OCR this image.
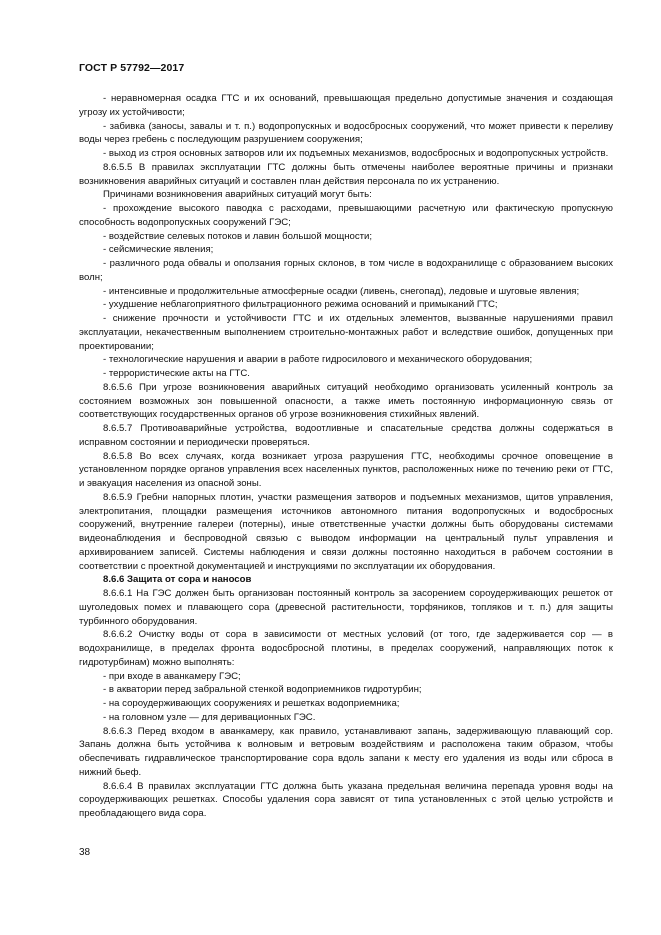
ГОСТ Р 57792—2017

- неравномерная осадка ГТС и их оснований, превышающая предельно допустимые значения и создающая угрозу их устойчивости;

- забивка (заносы, завалы и т. п.) водопропускных и водосбросных сооружений, что может привести к переливу воды через гребень с последующим разрушением сооружения;

- выход из строя основных затворов или их подъемных механизмов, водосбросных и водопропускных устройств.

8.6.5.5 В правилах эксплуатации ГТС должны быть отмечены наиболее вероятные причины и признаки возникновения аварийных ситуаций и составлен план действия персонала по их устранению.

Причинами возникновения аварийных ситуаций могут быть:

- прохождение высокого паводка с расходами, превышающими расчетную или фактическую пропускную способность водопропускных сооружений ГЭС;

- воздействие селевых потоков и лавин большой мощности;

- сейсмические явления;

- различного рода обвалы и оползания горных склонов, в том числе в водохранилище с образованием высоких волн;

- интенсивные и продолжительные атмосферные осадки (ливень, снегопад), ледовые и шуговые явления;

- ухудшение неблагоприятного фильтрационного режима оснований и примыканий ГТС;

- снижение прочности и устойчивости ГТС и их отдельных элементов, вызванные нарушениями правил эксплуатации, некачественным выполнением строительно-монтажных работ и вследствие ошибок, допущенных при проектировании;

- технологические нарушения и аварии в работе гидросилового и механического оборудования;

- террористические акты на ГТС.

8.6.5.6 При угрозе возникновения аварийных ситуаций необходимо организовать усиленный контроль за состоянием возможных зон повышенной опасности, а также иметь постоянную информационную связь от соответствующих государственных органов об угрозе возникновения стихийных явлений.

8.6.5.7 Противоаварийные устройства, водоотливные и спасательные средства должны содержаться в исправном состоянии и периодически проверяться.

8.6.5.8 Во всех случаях, когда возникает угроза разрушения ГТС, необходимы срочное оповещение в установленном порядке органов управления всех населенных пунктов, расположенных ниже по течению реки от ГТС, и эвакуация населения из опасной зоны.

8.6.5.9 Гребни напорных плотин, участки размещения затворов и подъемных механизмов, щитов управления, электропитания, площадки размещения источников автономного питания водопропускных и водосбросных сооружений, внутренние галереи (потерны), иные ответственные участки должны быть оборудованы системами видеонаблюдения и беспроводной связью с выводом информации на центральный пульт управления и архивированием записей. Системы наблюдения и связи должны постоянно находиться в рабочем состоянии в соответствии с проектной документацией и инструкциями по эксплуатации их оборудования.

8.6.6 Защита от сора и наносов

8.6.6.1 На ГЭС должен быть организован постоянный контроль за засорением сороудерживающих решеток от шуголедовых помех и плавающего сора (древесной растительности, торфяников, топляков и т. п.) для защиты турбинного оборудования.

8.6.6.2 Очистку воды от сора в зависимости от местных условий (от того, где задерживается сор — в водохранилище, в пределах фронта водосбросной плотины, в пределах сооружений, направляющих поток к гидротурбинам) можно выполнять:

- при входе в аванкамеру ГЭС;

- в акватории перед забральной стенкой водоприемников гидротурбин;

- на сороудерживающих сооружениях и решетках водоприемника;

- на головном узле — для деривационных ГЭС.

8.6.6.3 Перед входом в аванкамеру, как правило, устанавливают запань, задерживающую плавающий сор. Запань должна быть устойчива к волновым и ветровым воздействиям и расположена таким образом, чтобы обеспечивать гидравлическое транспортирование сора вдоль запани к месту его удаления из воды или сброса в нижний бьеф.

8.6.6.4 В правилах эксплуатации ГТС должна быть указана предельная величина перепада уровня воды на сороудерживающих решетках. Способы удаления сора зависят от типа установленных с этой целью устройств и преобладающего вида сора.

38
